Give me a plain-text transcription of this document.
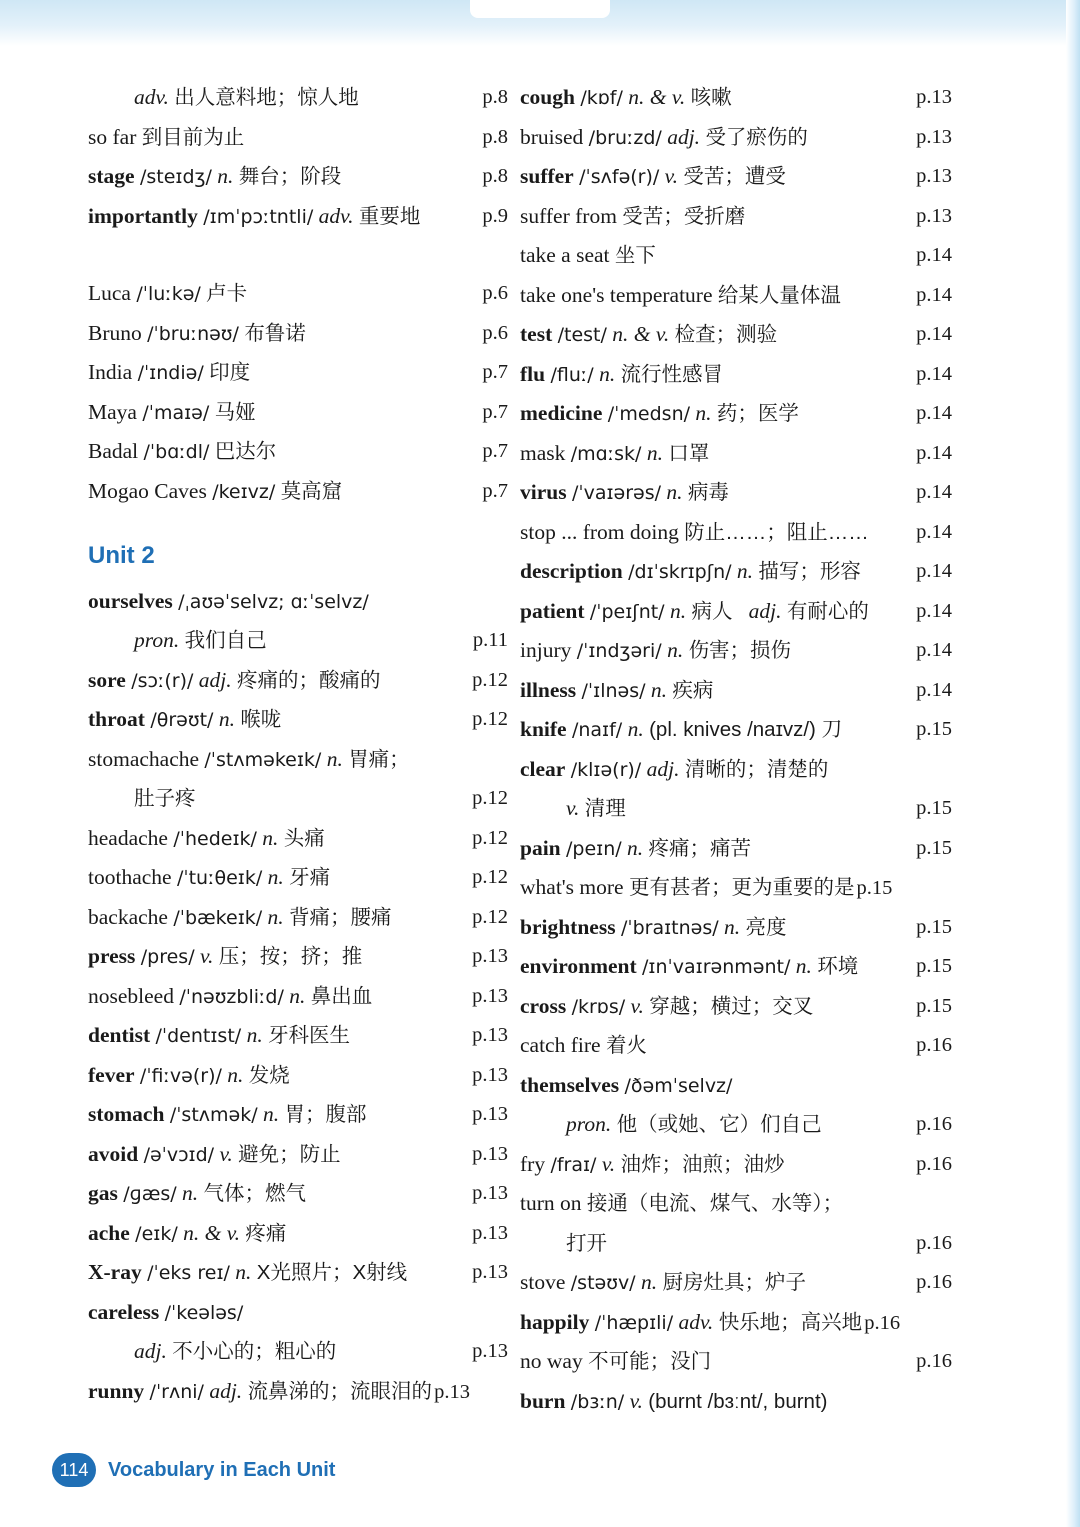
adv. 出人意料地；惊人地	p.8
so far 到目前为止	p.8
stage /steɪdʒ/ n. 舞台；阶段	p.8
importantly /ɪmˈpɔːtntli/ adv. 重要地	p.9
Luca /ˈluːkə/ 卢卡	p.6
Bruno /ˈbruːnəʊ/ 布鲁诺	p.6
India /ˈɪndiə/ 印度	p.7
Maya /ˈmaɪə/ 马娅	p.7
Badal /ˈbɑːdl/ 巴达尔	p.7
Mogao Caves /keɪvz/ 莫高窟	p.7
Unit 2
ourselves /ˌaʊəˈselvz; ɑːˈselvz/
pron. 我们自己	p.11
sore /sɔː(r)/ adj. 疼痛的；酸痛的	p.12
throat /θrəʊt/ n. 喉咙	p.12
stomachache /ˈstʌməkeɪk/ n. 胃痛；
肚子疼	p.12
headache /ˈhedeɪk/ n. 头痛	p.12
toothache /ˈtuːθeɪk/ n. 牙痛	p.12
backache /ˈbækeɪk/ n. 背痛；腰痛	p.12
press /pres/ v. 压；按；挤；推	p.13
nosebleed /ˈnəʊzbliːd/ n. 鼻出血	p.13
dentist /ˈdentɪst/ n. 牙科医生	p.13
fever /ˈfiːvə(r)/ n. 发烧	p.13
stomach /ˈstʌmək/ n. 胃；腹部	p.13
avoid /əˈvɔɪd/ v. 避免；防止	p.13
gas /ɡæs/ n. 气体；燃气	p.13
ache /eɪk/ n. & v. 疼痛	p.13
X-ray /ˈeks reɪ/ n. X光照片；X射线	p.13
careless /ˈkeələs/
adj. 不小心的；粗心的	p.13
runny /ˈrʌni/ adj. 流鼻涕的；流眼泪的p.13
cough /kɒf/ n. & v. 咳嗽	p.13
bruised /bruːzd/ adj. 受了瘀伤的	p.13
suffer /ˈsʌfə(r)/ v. 受苦；遭受	p.13
suffer from 受苦；受折磨	p.13
take a seat 坐下	p.14
take one's temperature 给某人量体温	p.14
test /test/ n. & v. 检查；测验	p.14
flu /fluː/ n. 流行性感冒	p.14
medicine /ˈmedsn/ n. 药；医学	p.14
mask /mɑːsk/ n. 口罩	p.14
virus /ˈvaɪərəs/ n. 病毒	p.14
stop ... from doing 防止……；阻止…… p.14
description /dɪˈskrɪpʃn/ n. 描写；形容	p.14
patient /ˈpeɪʃnt/ n. 病人 adj. 有耐心的 p.14
injury /ˈɪndʒəri/ n. 伤害；损伤	p.14
illness /ˈɪlnəs/ n. 疾病	p.14
knife /naɪf/ n. (pl. knives /naɪvz/) 刀	p.15
clear /klɪə(r)/ adj. 清晰的；清楚的
v. 清理	p.15
pain /peɪn/ n. 疼痛；痛苦	p.15
what's more 更有甚者；更为重要的是p.15
brightness /ˈbraɪtnəs/ n. 亮度	p.15
environment /ɪnˈvaɪrənmənt/ n. 环境	p.15
cross /krɒs/ v. 穿越；横过；交叉	p.15
catch fire 着火	p.16
themselves /ðəmˈselvz/
pron. 他（或她、它）们自己	p.16
fry /fraɪ/ v. 油炸；油煎；油炒	p.16
turn on 接通（电流、煤气、水等）；
打开	p.16
stove /stəʊv/ n. 厨房灶具；炉子	p.16
happily /ˈhæpɪli/ adv. 快乐地；高兴地p.16
no way 不可能；没门	p.16
burn /bɜːn/ v. (burnt /bɜːnt/, burnt)
114 Vocabulary in Each Unit
